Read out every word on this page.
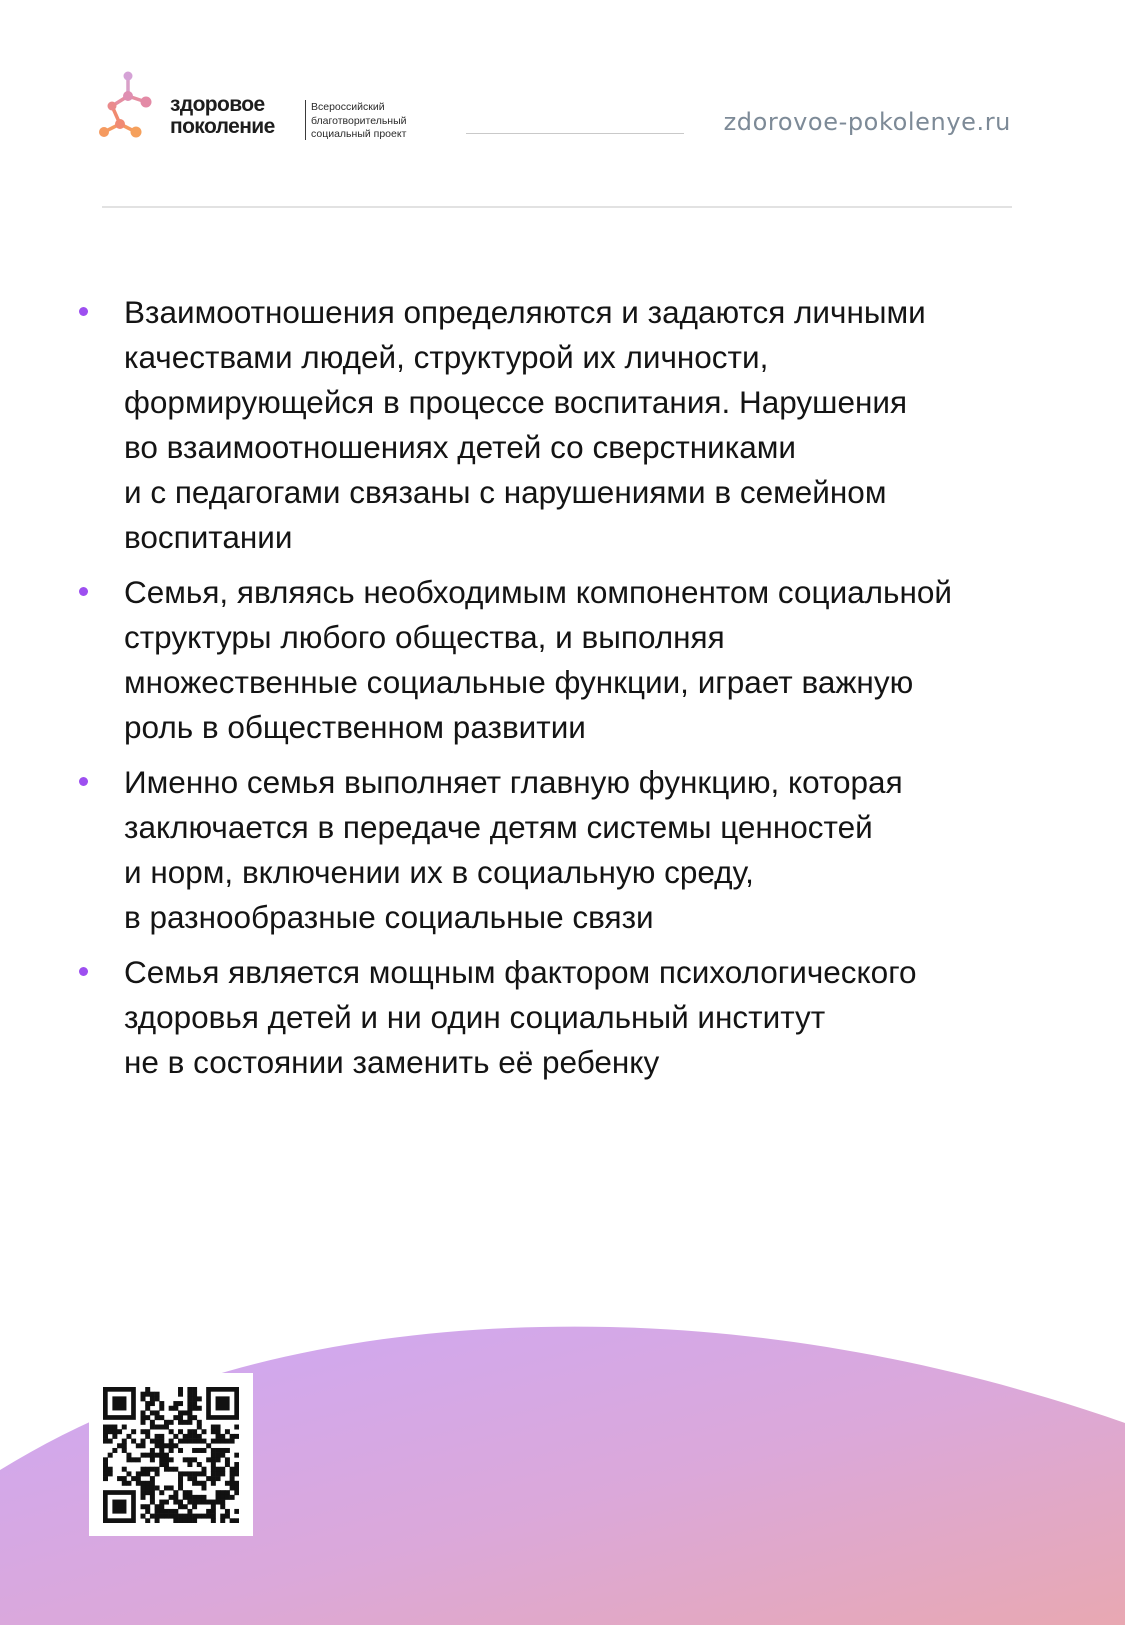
здоровое
поколение
Всероссийский
благотворительный
социальный проект	zdorovoe-pokolenye.ru

Взаимоотношения определяются и задаются личными
качествами людей, структурой их личности,
формирующейся в процессе воспитания. Нарушения
во взаимоотношениях детей со сверстниками
и с педагогами связаны с нарушениями в семейном
воспитании

Семья, являясь необходимым компонентом социальной
структуры любого общества, и выполняя
множественные социальные функции, играет важную
роль в общественном развитии

Именно семья выполняет главную функцию, которая
заключается в передаче детям системы ценностей
и норм, включении их в социальную среду,
в разнообразные социальные связи

Семья является мощным фактором психологического
здоровья детей и ни один социальный институт
не в состоянии заменить её ребенку
